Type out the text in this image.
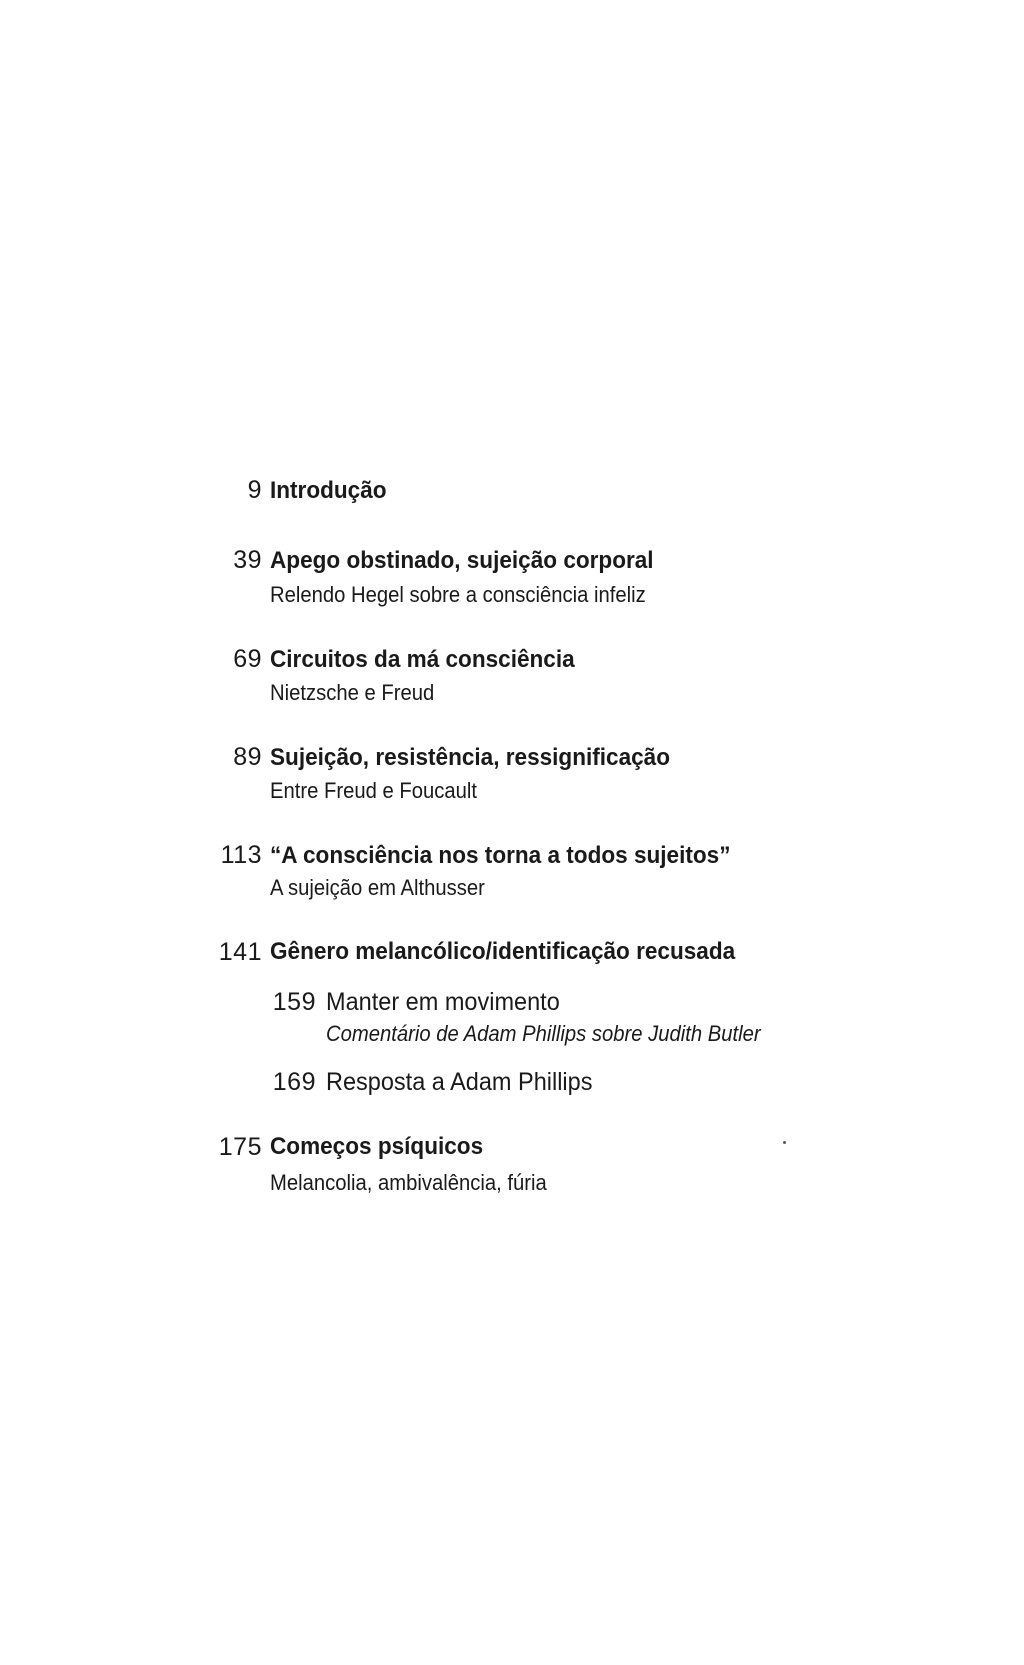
9 Introdução
39 Apego obstinado, sujeição corporal
Relendo Hegel sobre a consciência infeliz
69 Circuitos da má consciência
Nietzsche e Freud
89 Sujeição, resistência, ressignificação
Entre Freud e Foucault
113 “A consciência nos torna a todos sujeitos”
A sujeição em Althusser
141 Gênero melancólico/identificação recusada
159 Manter em movimento
Comentário de Adam Phillips sobre Judith Butler
169 Resposta a Adam Phillips
175 Começos psíquicos
Melancolia, ambivalência, fúria
